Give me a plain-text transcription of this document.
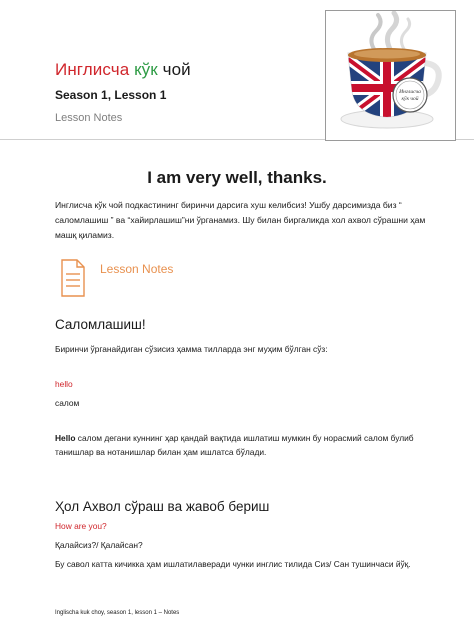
Инглисча кўк чой
Season 1, Lesson 1
Lesson Notes
Инглисча
кўк чой
I am very well, thanks.
Инглисча кўк чой подкастининг биринчи дарсига хуш келибсиз! Ушбу дарсимизда биз “ саломлашиш ” ва “хайирлашиш”ни ўрганамиз. Шу билан биргаликда хол ахвол сўрашни ҳам машқ қиламиз.
Lesson Notes
Саломлашиш!
Биринчи ўрганайдиган сўзисиз ҳамма тилларда энг муҳим бўлган сўз:
hello
салом
Hello салом дегани куннинг ҳар қандай вақтида ишлатиш мумкин бу норасмий салом булиб танишлар ва нотанишлар билан ҳам ишлатса бўлади.
Ҳол Ахвол сўраш ва жавоб бериш
How are you?
Қалайсиз?/ Қалайсан?
Бу савол катта кичикка ҳам ишлатилаверади чунки инглис тилида Сиз/ Сан тушинчаси йўқ.
Inglischa kuk choy, season 1, lesson 1 – Notes
